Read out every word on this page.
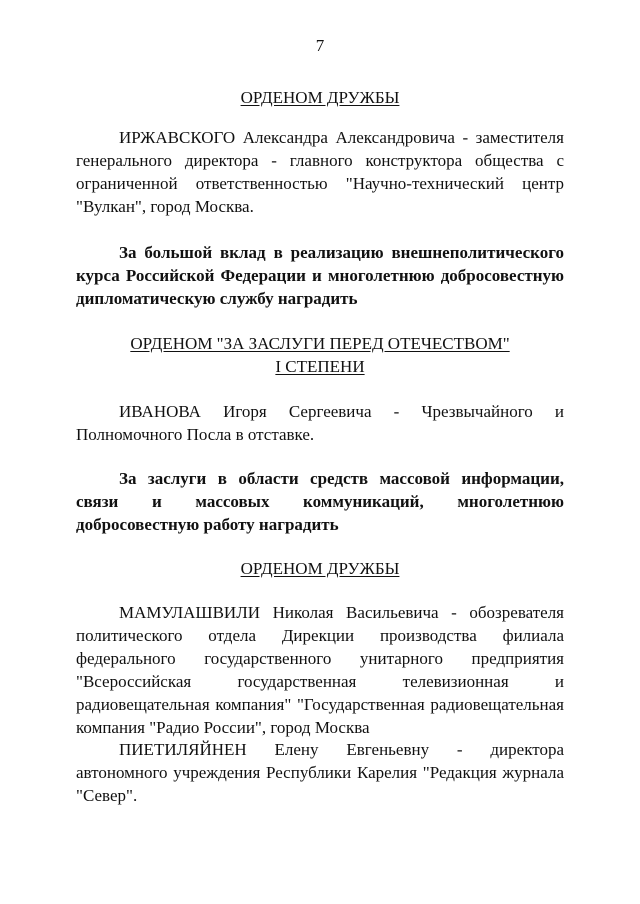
7
ОРДЕНОМ ДРУЖБЫ

ИРЖАВСКОГО Александра Александровича - заместителя генерального директора - главного конструктора общества с ограниченной ответственностью "Научно-технический центр "Вулкан", город Москва.

За большой вклад в реализацию внешнеполитического курса Российской Федерации и многолетнюю добросовестную дипломатическую службу наградить

ОРДЕНОМ "ЗА ЗАСЛУГИ ПЕРЕД ОТЕЧЕСТВОМ"
I СТЕПЕНИ

ИВАНОВА Игоря Сергеевича - Чрезвычайного и Полномочного Посла в отставке.

За заслуги в области средств массовой информации, связи и массовых коммуникаций, многолетнюю добросовестную работу наградить

ОРДЕНОМ ДРУЖБЫ

МАМУЛАШВИЛИ Николая Васильевича - обозревателя политического отдела Дирекции производства филиала федерального государственного унитарного предприятия "Всероссийская государственная телевизионная и радиовещательная компания" "Государственная радиовещательная компания "Радио России", город Москва

ПИЕТИЛЯЙНЕН Елену Евгеньевну - директора автономного учреждения Республики Карелия "Редакция журнала "Север".
